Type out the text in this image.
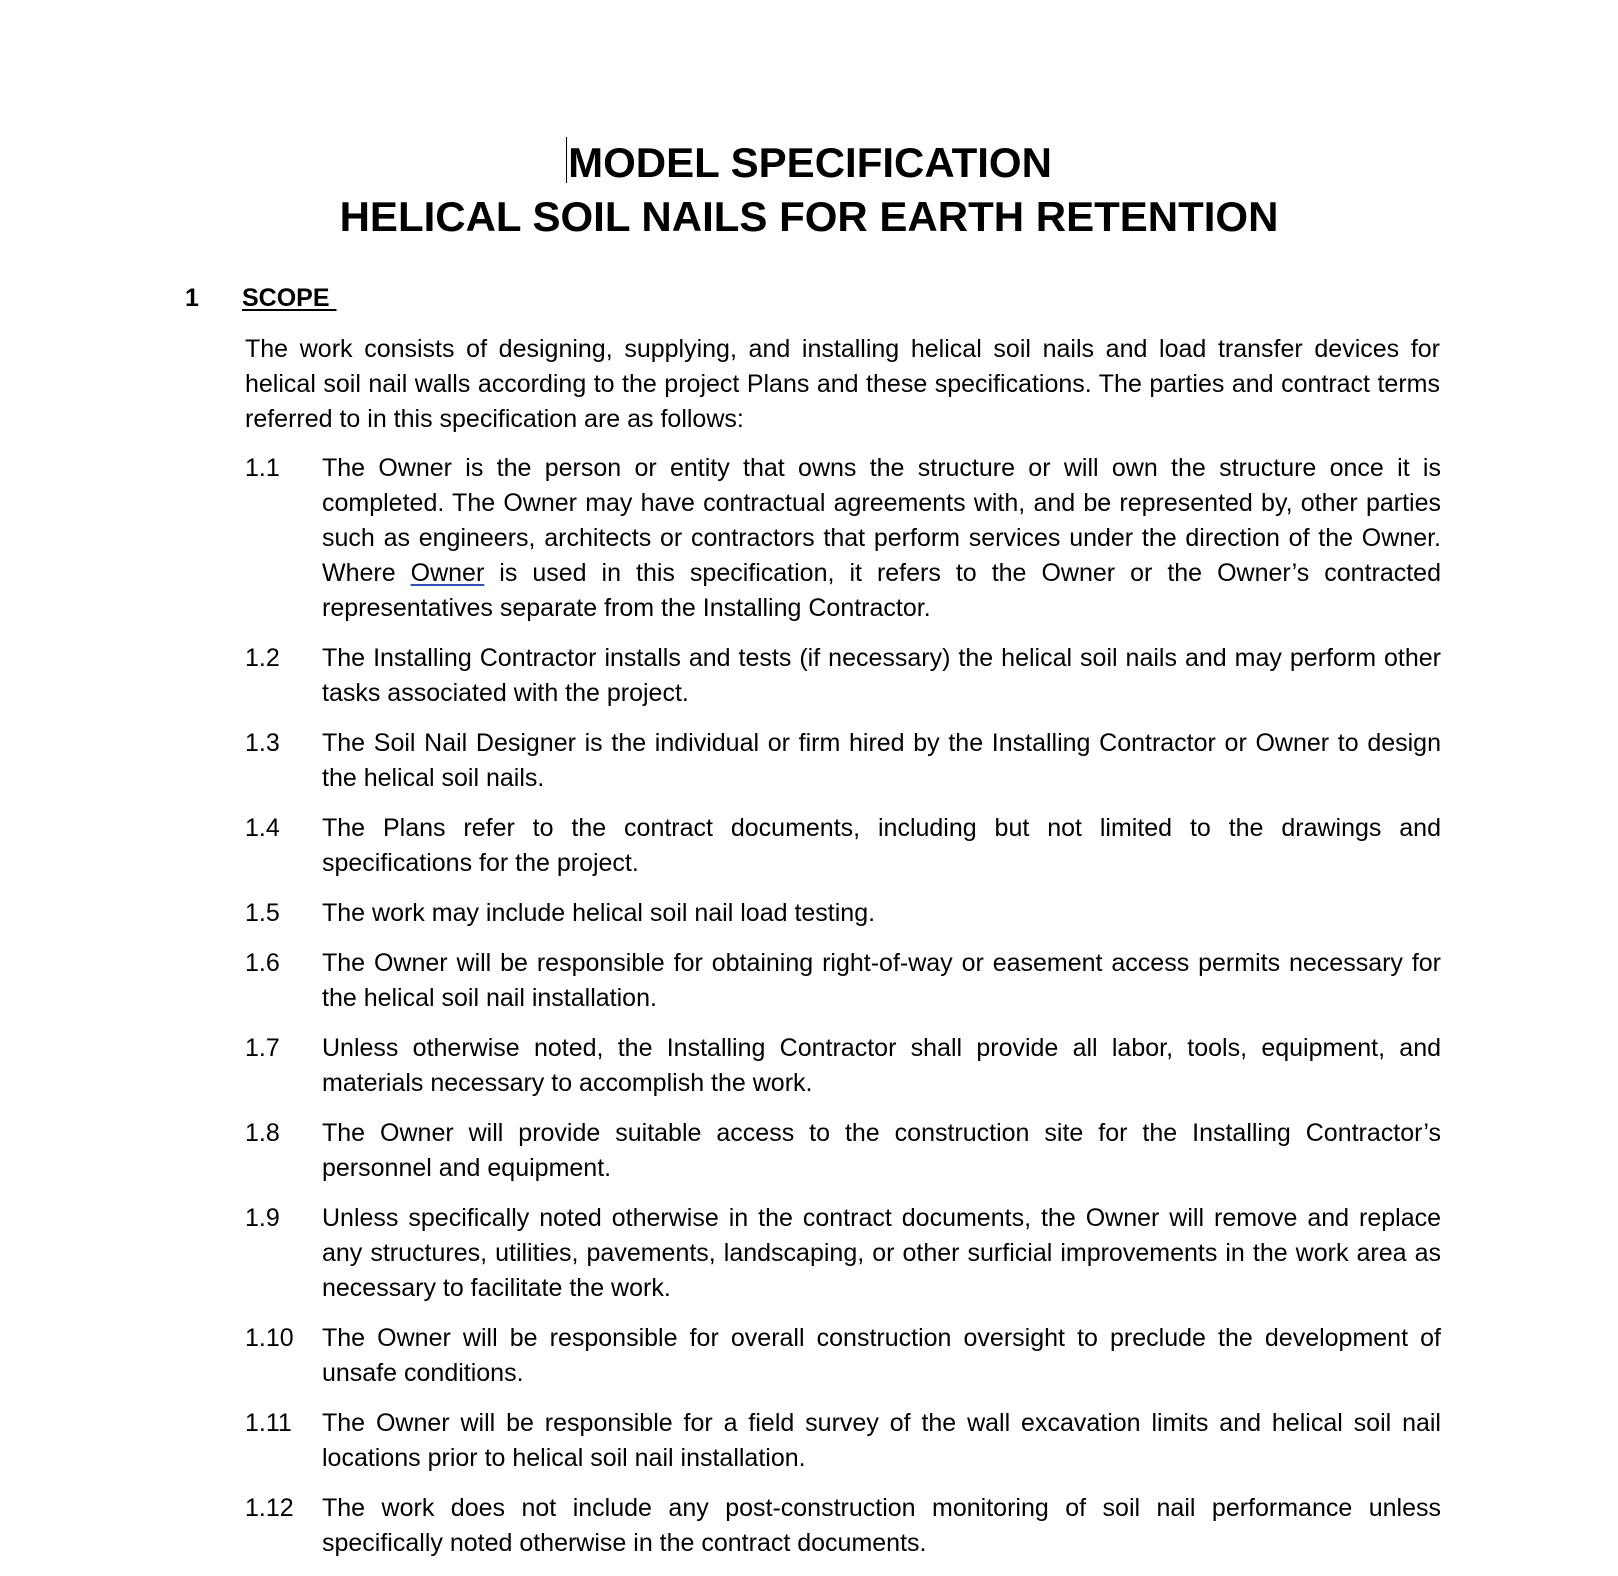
MODEL SPECIFICATION
HELICAL SOIL NAILS FOR EARTH RETENTION
1 SCOPE

The work consists of designing, supplying, and installing helical soil nails and load transfer devices for helical soil nail walls according to the project Plans and these specifications. The parties and contract terms referred to in this specification are as follows:

1.1	The Owner is the person or entity that owns the structure or will own the structure once it is completed. The Owner may have contractual agreements with, and be represented by, other parties such as engineers, architects or contractors that perform services under the direction of the Owner. Where Owner is used in this specification, it refers to the Owner or the Owner’s contracted representatives separate from the Installing Contractor.
1.2	The Installing Contractor installs and tests (if necessary) the helical soil nails and may perform other tasks associated with the project.
1.3	The Soil Nail Designer is the individual or firm hired by the Installing Contractor or Owner to design the helical soil nails.
1.4	The Plans refer to the contract documents, including but not limited to the drawings and specifications for the project.
1.5	The work may include helical soil nail load testing.
1.6	The Owner will be responsible for obtaining right-of-way or easement access permits necessary for the helical soil nail installation.
1.7	Unless otherwise noted, the Installing Contractor shall provide all labor, tools, equipment, and materials necessary to accomplish the work.
1.8	The Owner will provide suitable access to the construction site for the Installing Contractor’s personnel and equipment.
1.9	Unless specifically noted otherwise in the contract documents, the Owner will remove and replace any structures, utilities, pavements, landscaping, or other surficial improvements in the work area as necessary to facilitate the work.
1.10	The Owner will be responsible for overall construction oversight to preclude the development of unsafe conditions.
1.11	The Owner will be responsible for a field survey of the wall excavation limits and helical soil nail locations prior to helical soil nail installation.
1.12	The work does not include any post-construction monitoring of soil nail performance unless specifically noted otherwise in the contract documents.
